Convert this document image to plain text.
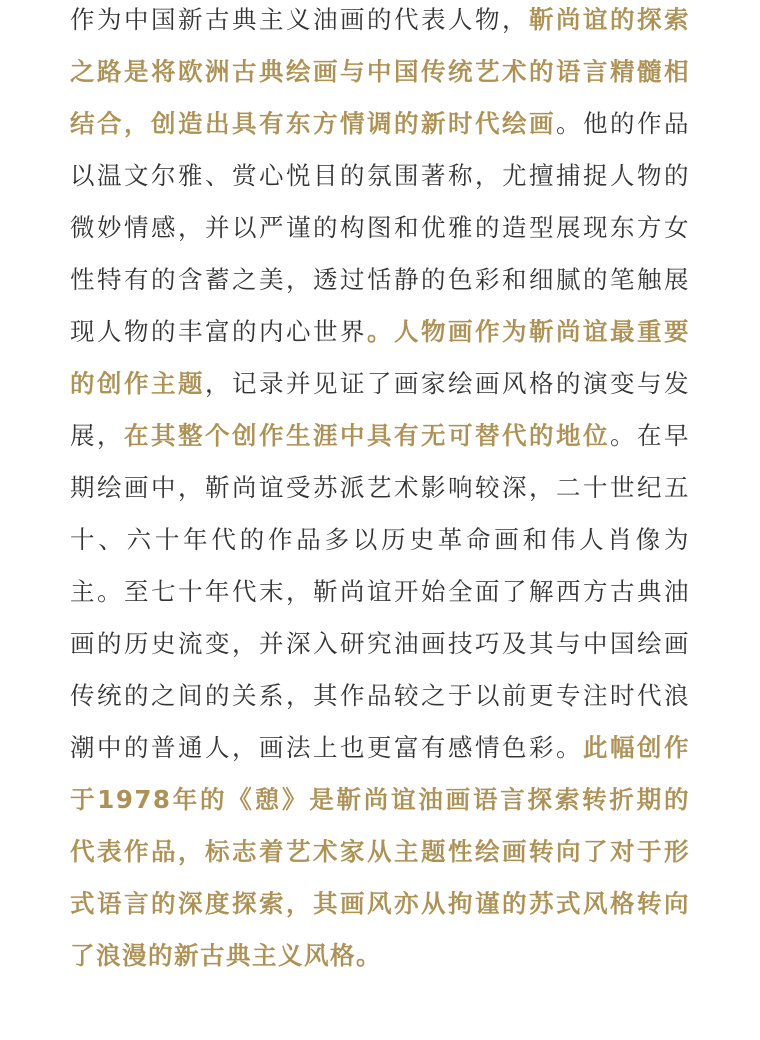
作为中国新古典主义油画的代表人物，靳尚谊的探索之路是将欧洲古典绘画与中国传统艺术的语言精髓相结合，创造出具有东方情调的新时代绘画。他的作品以温文尔雅、赏心悦目的氛围著称，尤擅捕捉人物的微妙情感，并以严谨的构图和优雅的造型展现东方女性特有的含蓄之美，透过恬静的色彩和细腻的笔触展现人物的丰富的内心世界。人物画作为靳尚谊最重要的创作主题，记录并见证了画家绘画风格的演变与发展，在其整个创作生涯中具有无可替代的地位。在早期绘画中，靳尚谊受苏派艺术影响较深，二十世纪五十、六十年代的作品多以历史革命画和伟人肖像为主。至七十年代末，靳尚谊开始全面了解西方古典油画的历史流变，并深入研究油画技巧及其与中国绘画传统的之间的关系，其作品较之于以前更专注时代浪潮中的普通人，画法上也更富有感情色彩。此幅创作于1978年的《憩》是靳尚谊油画语言探索转折期的代表作品，标志着艺术家从主题性绘画转向了对于形式语言的深度探索，其画风亦从拘谨的苏式风格转向了浪漫的新古典主义风格。
